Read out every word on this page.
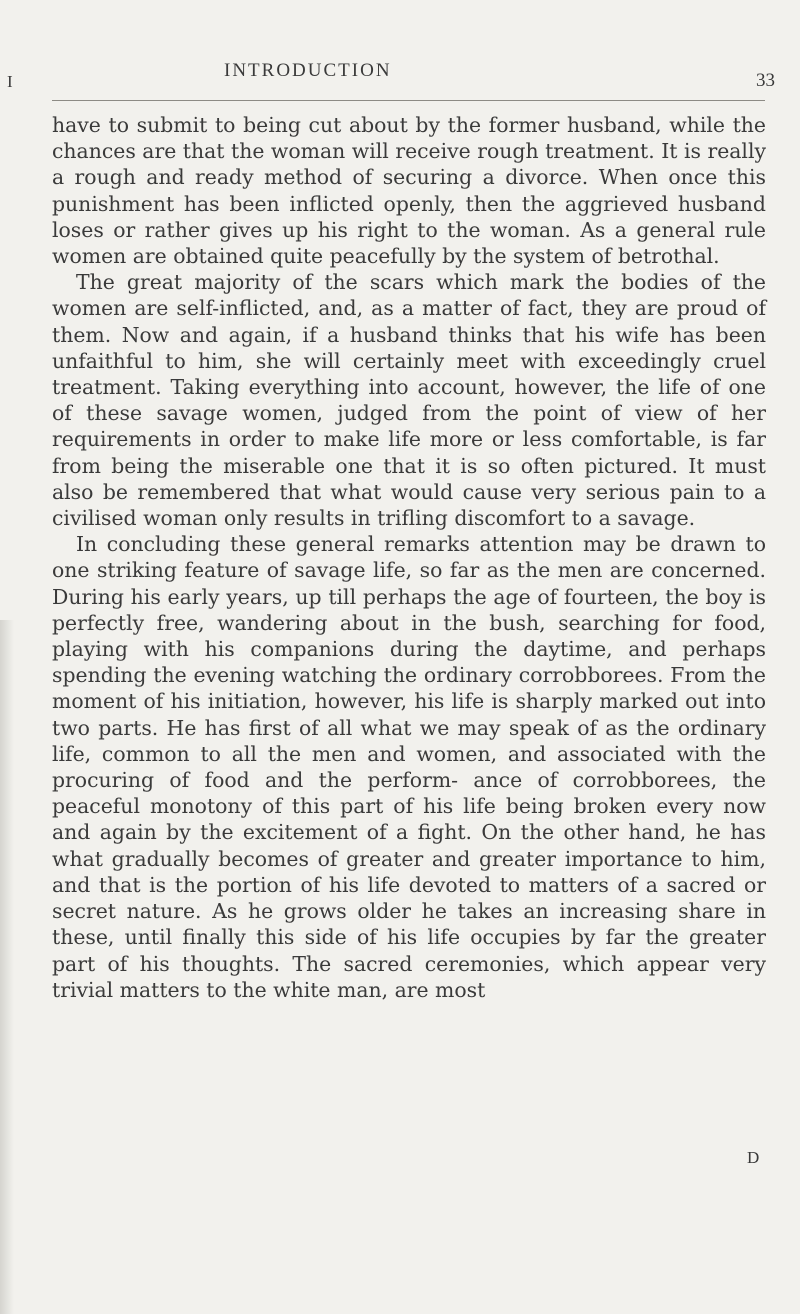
I
INTRODUCTION	33

have to submit to being cut about by the former husband, while the chances are that the woman will receive rough treatment. It is really a rough and ready method of securing a divorce. When once this punishment has been inflicted openly, then the aggrieved husband loses or rather gives up his right to the woman. As a general rule women are obtained quite peacefully by the system of betrothal.

The great majority of the scars which mark the bodies of the women are self-inflicted, and, as a matter of fact, they are proud of them. Now and again, if a husband thinks that his wife has been unfaithful to him, she will certainly meet with exceedingly cruel treatment. Taking everything into account, however, the life of one of these savage women, judged from the point of view of her requirements in order to make life more or less comfortable, is far from being the miserable one that it is so often pictured. It must also be remembered that what would cause very serious pain to a civilised woman only results in trifling discomfort to a savage.

In concluding these general remarks attention may be drawn to one striking feature of savage life, so far as the men are concerned. During his early years, up till perhaps the age of fourteen, the boy is perfectly free, wandering about in the bush, searching for food, playing with his companions during the daytime, and perhaps spending the evening watching the ordinary corrobborees. From the moment of his initiation, however, his life is sharply marked out into two parts. He has first of all what we may speak of as the ordinary life, common to all the men and women, and associated with the procuring of food and the perform- ance of corrobborees, the peaceful monotony of this part of his life being broken every now and again by the excitement of a fight. On the other hand, he has what gradually becomes of greater and greater importance to him, and that is the portion of his life devoted to matters of a sacred or secret nature. As he grows older he takes an increasing share in these, until finally this side of his life occupies by far the greater part of his thoughts. The sacred ceremonies, which appear very trivial matters to the white man, are most

D
